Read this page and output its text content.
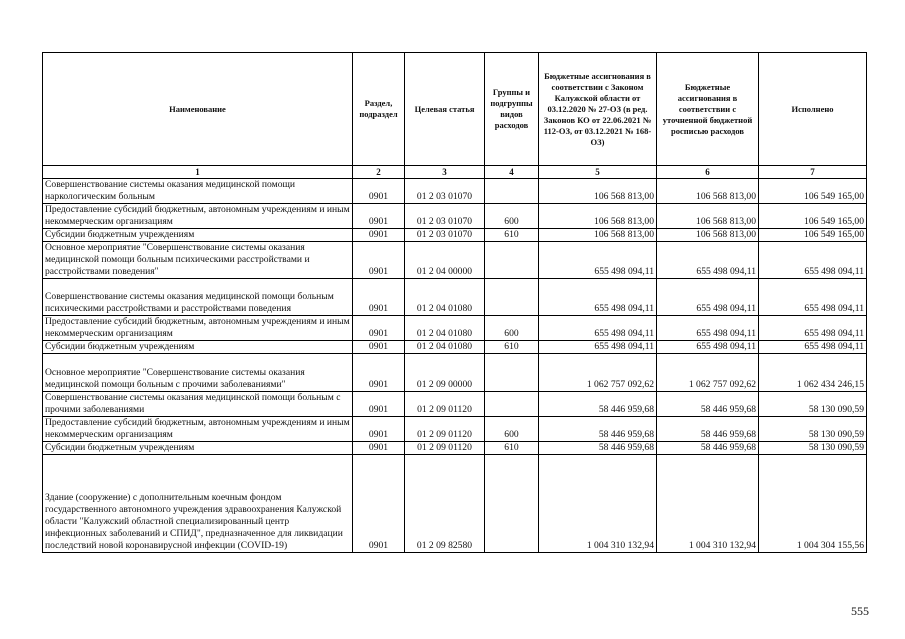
Наименование	Раздел, подраздел	Целевая статья	Группы и подгруппы видов расходов	Бюджетные ассигнования в соответствии с Законом Калужской области от 03.12.2020 № 27-ОЗ (в ред. Законов КО от 22.06.2021 № 112-ОЗ, от 03.12.2021 № 168-ОЗ)	Бюджетные ассигнования в соответствии с уточненной бюджетной росписью расходов	Исполнено
1	2	3	4	5	6	7
Совершенствование системы оказания медицинской помощи наркологическим больным	0901	01 2 03 01070		106 568 813,00	106 568 813,00	106 549 165,00
Предоставление субсидий бюджетным, автономным учреждениям и иным некоммерческим организациям	0901	01 2 03 01070	600	106 568 813,00	106 568 813,00	106 549 165,00
Субсидии бюджетным учреждениям	0901	01 2 03 01070	610	106 568 813,00	106 568 813,00	106 549 165,00
Основное мероприятие "Совершенствование системы оказания медицинской помощи больным психическими расстройствами и расстройствами поведения"	0901	01 2 04 00000		655 498 094,11	655 498 094,11	655 498 094,11
Совершенствование системы оказания медицинской помощи больным психическими расстройствами и расстройствами поведения	0901	01 2 04 01080		655 498 094,11	655 498 094,11	655 498 094,11
Предоставление субсидий бюджетным, автономным учреждениям и иным некоммерческим организациям	0901	01 2 04 01080	600	655 498 094,11	655 498 094,11	655 498 094,11
Субсидии бюджетным учреждениям	0901	01 2 04 01080	610	655 498 094,11	655 498 094,11	655 498 094,11
Основное мероприятие "Совершенствование системы оказания медицинской помощи больным с прочими заболеваниями"	0901	01 2 09 00000		1 062 757 092,62	1 062 757 092,62	1 062 434 246,15
Совершенствование системы оказания медицинской помощи больным с прочими заболеваниями	0901	01 2 09 01120		58 446 959,68	58 446 959,68	58 130 090,59
Предоставление субсидий бюджетным, автономным учреждениям и иным некоммерческим организациям	0901	01 2 09 01120	600	58 446 959,68	58 446 959,68	58 130 090,59
Субсидии бюджетным учреждениям	0901	01 2 09 01120	610	58 446 959,68	58 446 959,68	58 130 090,59
Здание (сооружение) с дополнительным коечным фондом государственного автономного учреждения здравоохранения Калужской области "Калужский областной специализированный центр инфекционных заболеваний и СПИД", предназначенное для ликвидации последствий новой коронавирусной инфекции (COVID-19)	0901	01 2 09 82580		1 004 310 132,94	1 004 310 132,94	1 004 304 155,56
555
